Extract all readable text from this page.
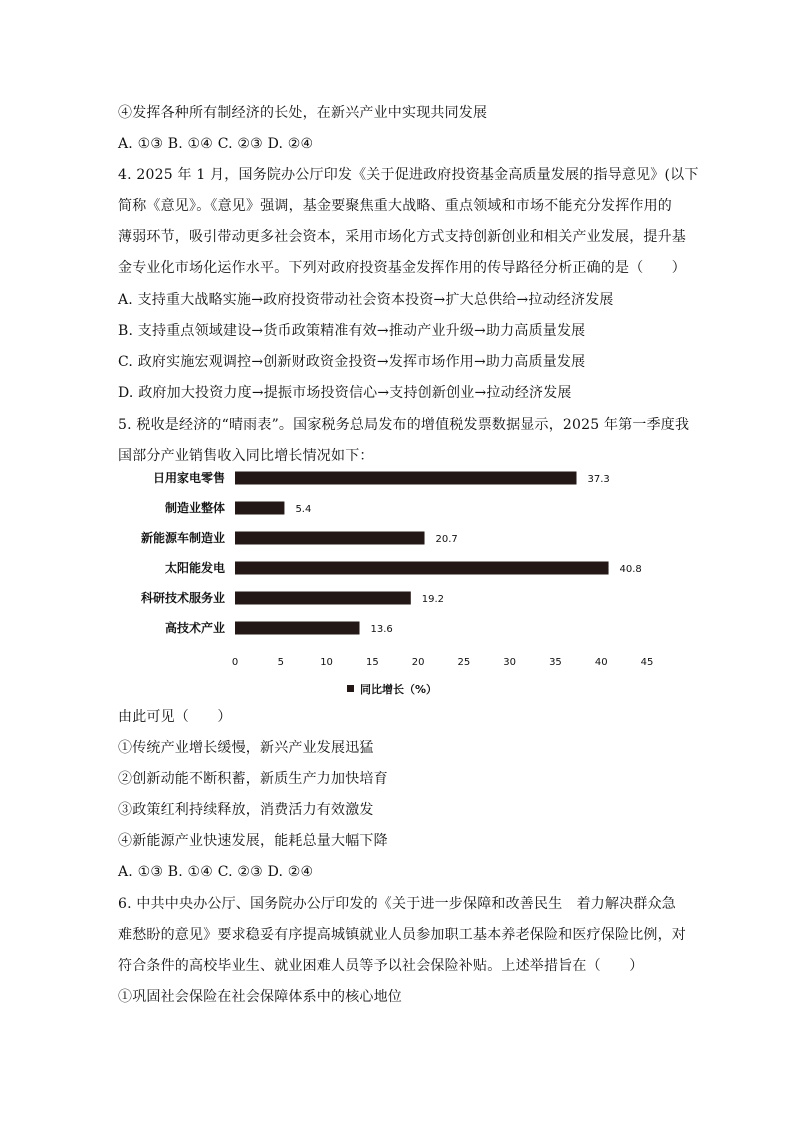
④发挥各种所有制经济的长处，在新兴产业中实现共同发展
A. ①③ B. ①④ C. ②③ D. ②④
4. 2025 年 1 月，国务院办公厅印发《关于促进政府投资基金高质量发展的指导意见》(以下
简称《意见》。《意见》强调，基金要聚焦重大战略、重点领域和市场不能充分发挥作用的
薄弱环节，吸引带动更多社会资本，采用市场化方式支持创新创业和相关产业发展，提升基
金专业化市场化运作水平。下列对政府投资基金发挥作用的传导路径分析正确的是（　　）
A. 支持重大战略实施→政府投资带动社会资本投资→扩大总供给→拉动经济发展
B. 支持重点领域建设→货币政策精准有效→推动产业升级→助力高质量发展
C. 政府实施宏观调控→创新财政资金投资→发挥市场作用→助力高质量发展
D. 政府加大投资力度→提振市场投资信心→支持创新创业→拉动经济发展
5. 税收是经济的“晴雨表”。国家税务总局发布的增值税发票数据显示，2025 年第一季度我
国部分产业销售收入同比增长情况如下：
日用家电零售	37.3
制造业整体	5.4
新能源车制造业	20.7
太阳能发电	40.8
科研技术服务业	19.2
高技术产业	13.6
0	5	10	15	20	25	30	35	40	45
同比增长（%）
由此可见（　　）
①传统产业增长缓慢，新兴产业发展迅猛
②创新动能不断积蓄，新质生产力加快培育
③政策红利持续释放，消费活力有效激发
④新能源产业快速发展，能耗总量大幅下降
A. ①③ B. ①④ C. ②③ D. ②④
6. 中共中央办公厅、国务院办公厅印发的《关于进一步保障和改善民生　着力解决群众急
难愁盼的意见》要求稳妥有序提高城镇就业人员参加职工基本养老保险和医疗保险比例，对
符合条件的高校毕业生、就业困难人员等予以社会保险补贴。上述举措旨在（　　）
①巩固社会保险在社会保障体系中的核心地位
